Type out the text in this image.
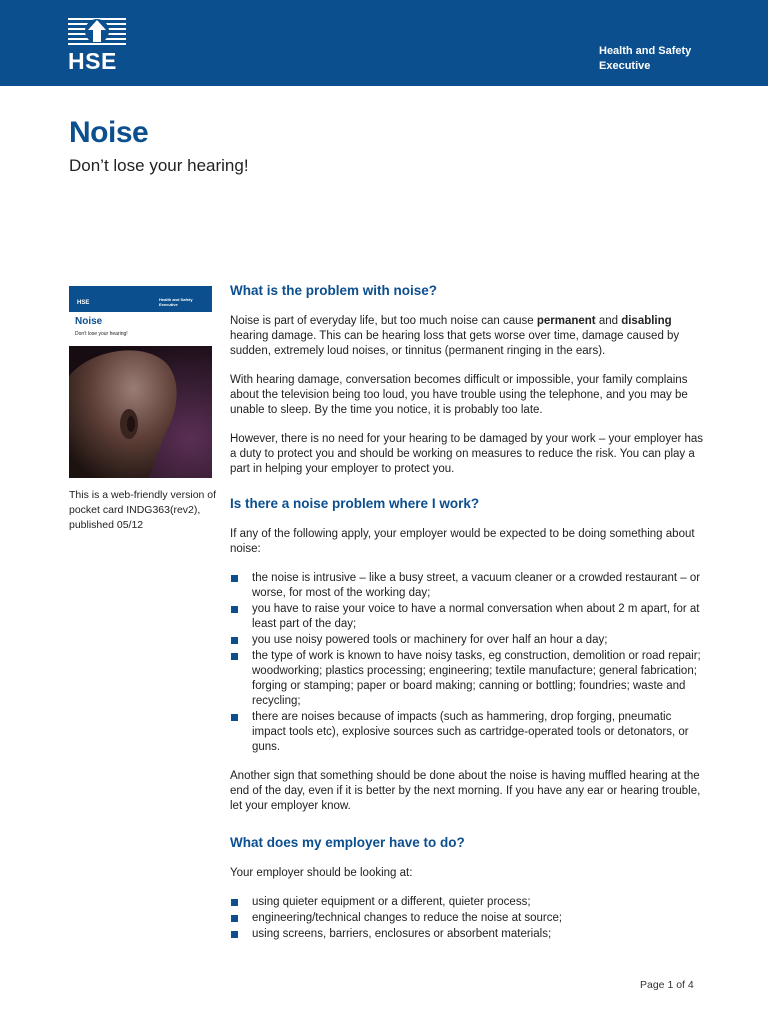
HSE	Health and Safety
Executive
Noise

Don’t lose your hearing!

HSE
Health and Safety
Executive
Noise
Don't lose your hearing!

This is a web-friendly version of pocket card INDG363(rev2), published 05/12

What is the problem with noise?

Noise is part of everyday life, but too much noise can cause permanent and disabling hearing damage. This can be hearing loss that gets worse over time, damage caused by sudden, extremely loud noises, or tinnitus (permanent ringing in the ears).

With hearing damage, conversation becomes difficult or impossible, your family complains about the television being too loud, you have trouble using the telephone, and you may be unable to sleep. By the time you notice, it is probably too late.

However, there is no need for your hearing to be damaged by your work – your employer has a duty to protect you and should be working on measures to reduce the risk. You can play a part in helping your employer to protect you.

Is there a noise problem where I work?

If any of the following apply, your employer would be expected to be doing something about noise:

the noise is intrusive – like a busy street, a vacuum cleaner or a crowded restaurant – or worse, for most of the working day;
you have to raise your voice to have a normal conversation when about 2 m apart, for at least part of the day;
you use noisy powered tools or machinery for over half an hour a day;
the type of work is known to have noisy tasks, eg construction, demolition or road repair; woodworking; plastics processing; engineering; textile manufacture; general fabrication; forging or stamping; paper or board making; canning or bottling; foundries; waste and recycling;
there are noises because of impacts (such as hammering, drop forging, pneumatic impact tools etc), explosive sources such as cartridge-operated tools or detonators, or guns.

Another sign that something should be done about the noise is having muffled hearing at the end of the day, even if it is better by the next morning. If you have any ear or hearing trouble, let your employer know.

What does my employer have to do?

Your employer should be looking at:

using quieter equipment or a different, quieter process;
engineering/technical changes to reduce the noise at source;
using screens, barriers, enclosures or absorbent materials;

Page 1 of 4
